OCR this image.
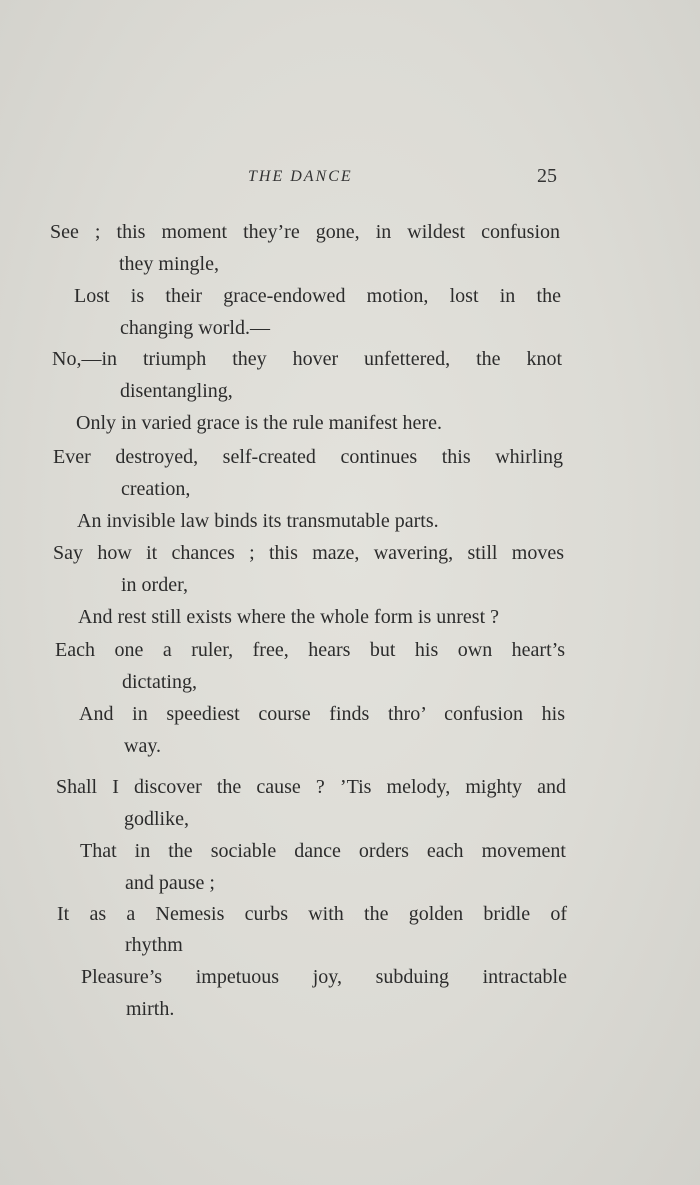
THE DANCE	25
See ; this moment they’re gone, in wildest confusion
they mingle,
Lost is their grace-endowed motion, lost in the
changing world.—
No,—in triumph they hover unfettered, the knot
disentangling,
Only in varied grace is the rule manifest here.
Ever destroyed, self-created continues this whirling
creation,
An invisible law binds its transmutable parts.
Say how it chances ; this maze, wavering, still moves
in order,
And rest still exists where the whole form is unrest ?
Each one a ruler, free, hears but his own heart’s
dictating,
And in speediest course finds thro’ confusion his
way.
Shall I discover the cause ? ’Tis melody, mighty and
godlike,
That in the sociable dance orders each movement
and pause ;
It as a Nemesis curbs with the golden bridle of
rhythm
Pleasure’s impetuous joy, subduing intractable
mirth.
